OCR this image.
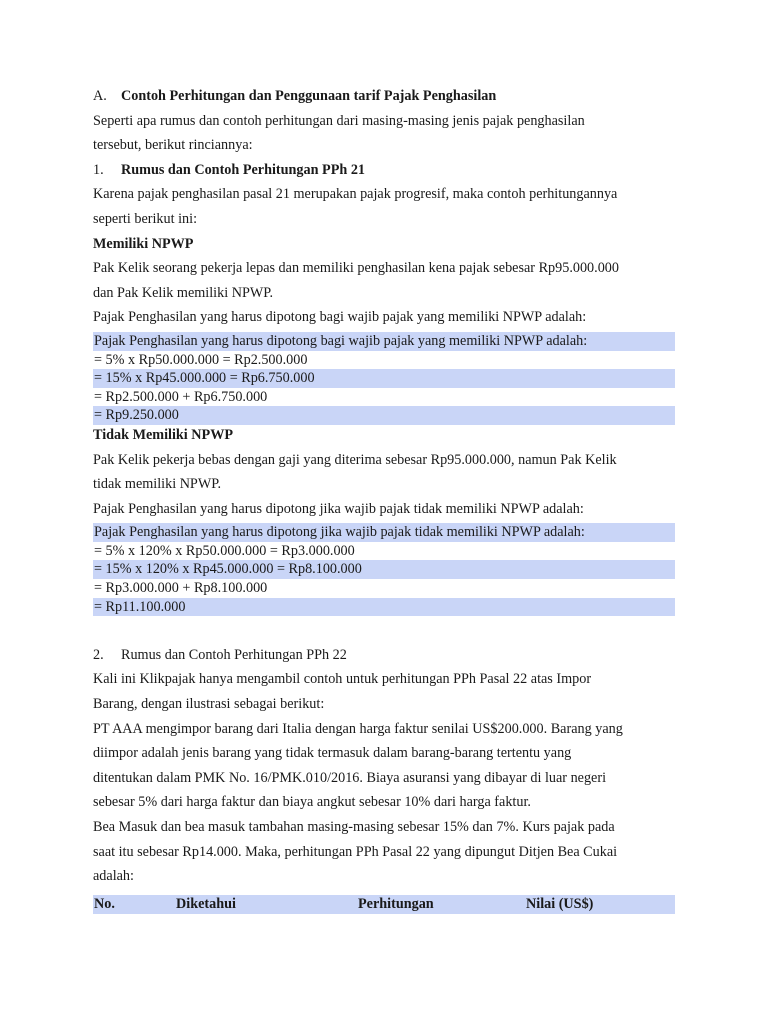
A. Contoh Perhitungan dan Penggunaan tarif Pajak Penghasilan

Seperti apa rumus dan contoh perhitungan dari masing-masing jenis pajak penghasilan

tersebut, berikut rinciannya:

1. Rumus dan Contoh Perhitungan PPh 21

Karena pajak penghasilan pasal 21 merupakan pajak progresif, maka contoh perhitungannya

seperti berikut ini:

Memiliki NPWP

Pak Kelik seorang pekerja lepas dan memiliki penghasilan kena pajak sebesar Rp95.000.000

dan Pak Kelik memiliki NPWP.

Pajak Penghasilan yang harus dipotong bagi wajib pajak yang memiliki NPWP adalah:

Pajak Penghasilan yang harus dipotong bagi wajib pajak yang memiliki NPWP adalah:
= 5% x Rp50.000.000 = Rp2.500.000
= 15% x Rp45.000.000 = Rp6.750.000
= Rp2.500.000 + Rp6.750.000
= Rp9.250.000

Tidak Memiliki NPWP

Pak Kelik pekerja bebas dengan gaji yang diterima sebesar Rp95.000.000, namun Pak Kelik

tidak memiliki NPWP.

Pajak Penghasilan yang harus dipotong jika wajib pajak tidak memiliki NPWP adalah:

Pajak Penghasilan yang harus dipotong jika wajib pajak tidak memiliki NPWP adalah:
= 5% x 120% x Rp50.000.000 = Rp3.000.000
= 15% x 120% x Rp45.000.000 = Rp8.100.000
= Rp3.000.000 + Rp8.100.000
= Rp11.100.000

2. Rumus dan Contoh Perhitungan PPh 22

Kali ini Klikpajak hanya mengambil contoh untuk perhitungan PPh Pasal 22 atas Impor

Barang, dengan ilustrasi sebagai berikut:

PT AAA mengimpor barang dari Italia dengan harga faktur senilai US$200.000. Barang yang

diimpor adalah jenis barang yang tidak termasuk dalam barang-barang tertentu yang

ditentukan dalam PMK No. 16/PMK.010/2016. Biaya asuransi yang dibayar di luar negeri

sebesar 5% dari harga faktur dan biaya angkut sebesar 10% dari harga faktur.

Bea Masuk dan bea masuk tambahan masing-masing sebesar 15% dan 7%. Kurs pajak pada

saat itu sebesar Rp14.000. Maka, perhitungan PPh Pasal 22 yang dipungut Ditjen Bea Cukai

adalah:

No.	Diketahui	Perhitungan	Nilai (US$)
